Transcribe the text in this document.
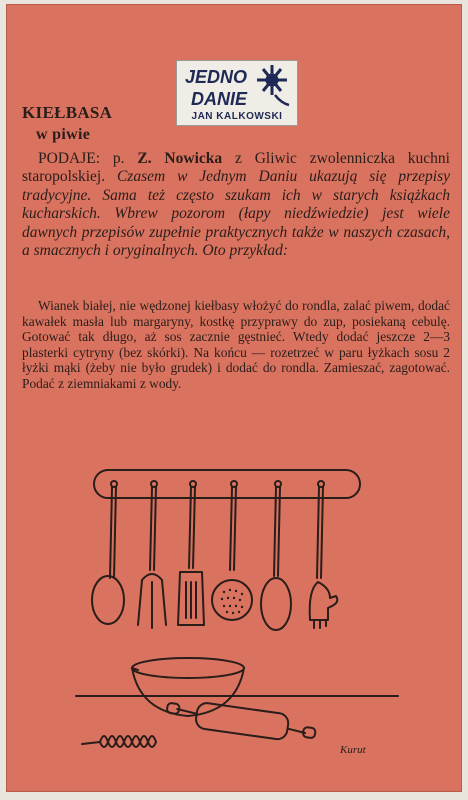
JEDNO
DANIE
JAN KALKOWSKI
KIEŁBASA
w piwie

PODAJE: p. Z. Nowicka z Gliwic zwolenniczka kuchni staropolskiej. Czasem w Jednym Daniu ukazują się przepisy tradycyjne. Sama też często szukam ich w starych książkach kucharskich. Wbrew pozorom (łapy niedźwiedzie) jest wiele dawnych przepisów zupełnie praktycznych także w naszych czasach, a smacznych i oryginalnych. Oto przykład:

Wianek białej, nie wędzonej kiełbasy włożyć do rondla, zalać piwem, dodać kawałek masła lub margaryny, kostkę przyprawy do zup, posiekaną cebulę. Gotować tak długo, aż sos zacznie gęstnieć. Wtedy dodać jeszcze 2—3 plasterki cytryny (bez skórki). Na końcu — rozetrzeć w paru łyżkach sosu 2 łyżki mąki (żeby nie było grudek) i dodać do rondla. Zamieszać, zagotować. Podać z ziemniakami z wody.

Kurut
